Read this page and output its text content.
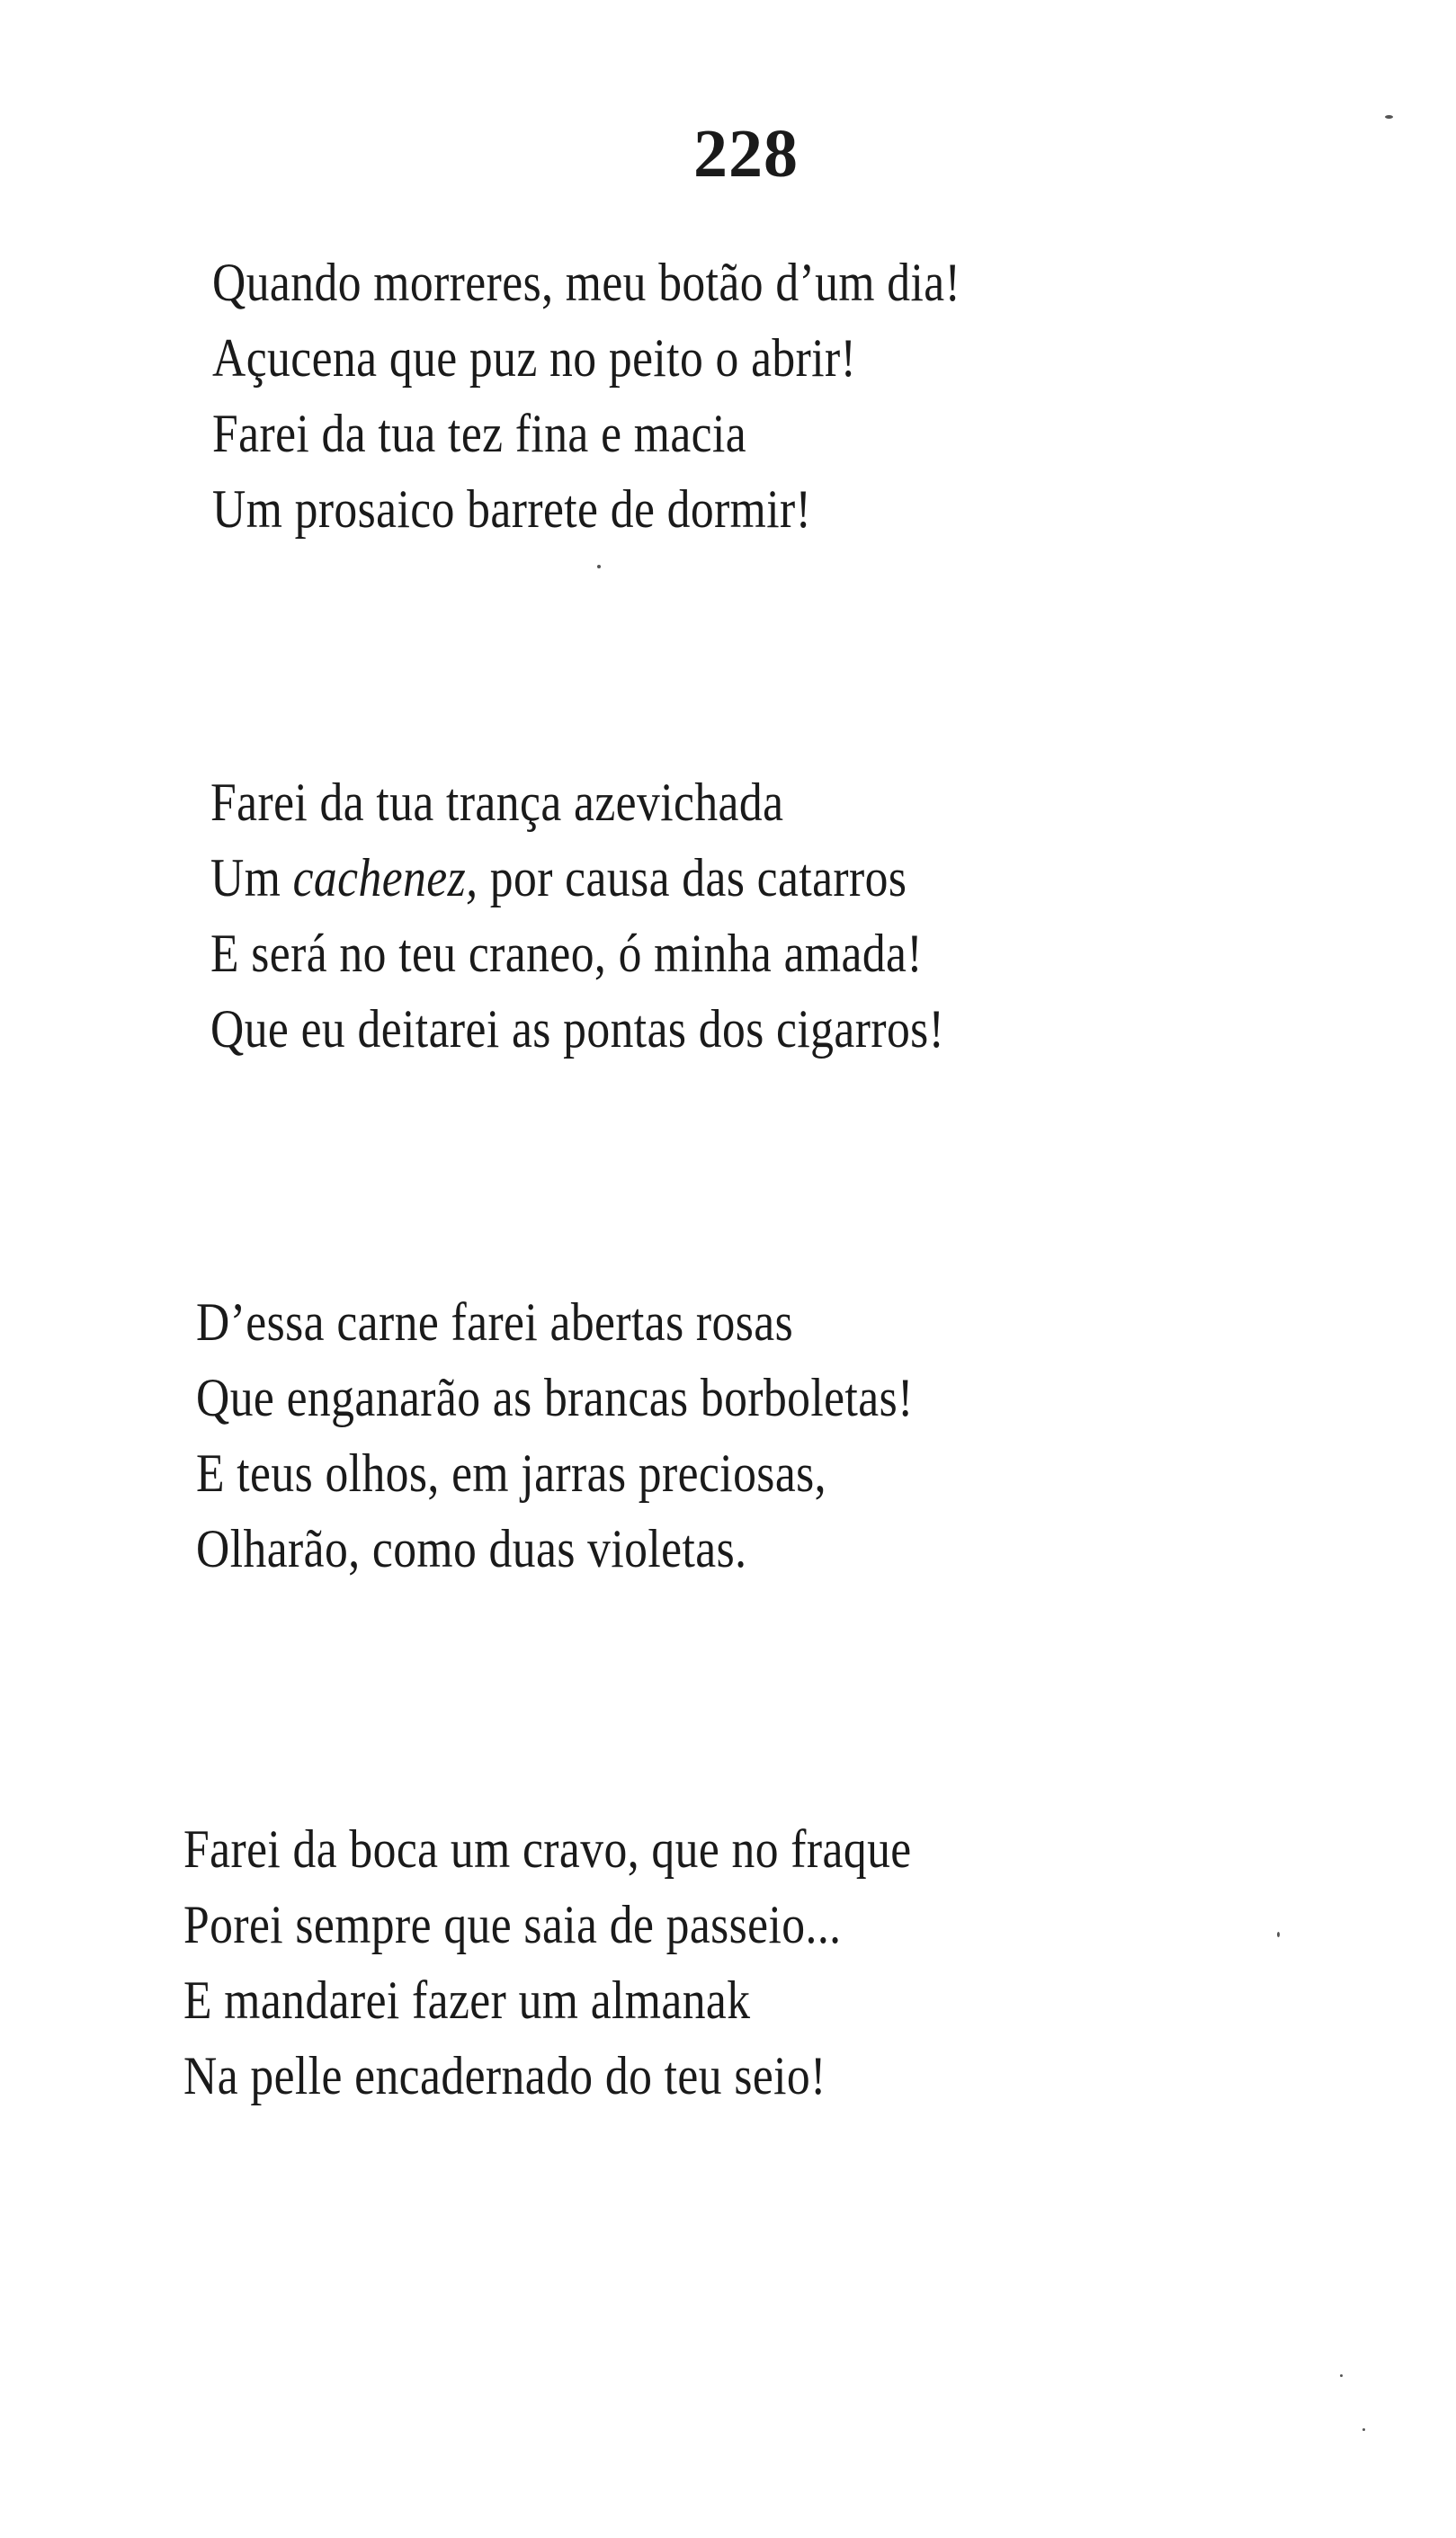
228
Quando morreres, meu botão d’um dia!
Açucena que puz no peito o abrir!
Farei da tua tez fina e macia
Um prosaico barrete de dormir!
Farei da tua trança azevichada
Um cachenez, por causa das catarros
E será no teu craneo, ó minha amada!
Que eu deitarei as pontas dos cigarros!
D’essa carne farei abertas rosas
Que enganarão as brancas borboletas!
E teus olhos, em jarras preciosas,
Olharão, como duas violetas.
Farei da boca um cravo, que no fraque
Porei sempre que saia de passeio...
E mandarei fazer um almanak
Na pelle encadernado do teu seio!
